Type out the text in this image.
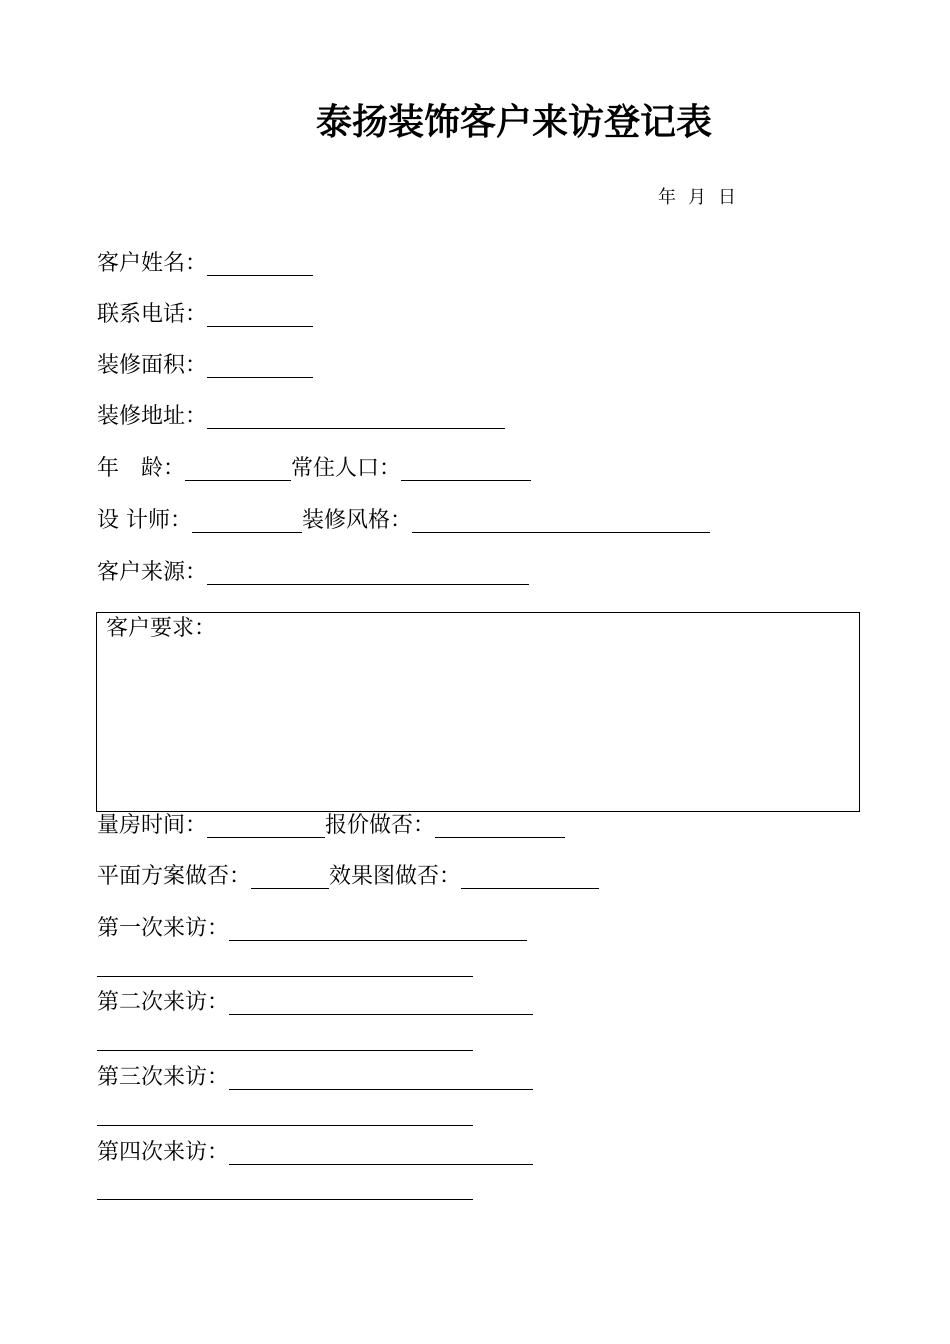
泰扬装饰客户来访登记表
年 月 日
客户姓名：
联系电话：
装修面积：
装修地址：
年　龄：	常住人口：
设 计师：	装修风格：
客户来源：
客户要求：
量房时间：	报价做否：
平面方案做否：	效果图做否：
第一次来访：
第二次来访：
第三次来访：
第四次来访：
